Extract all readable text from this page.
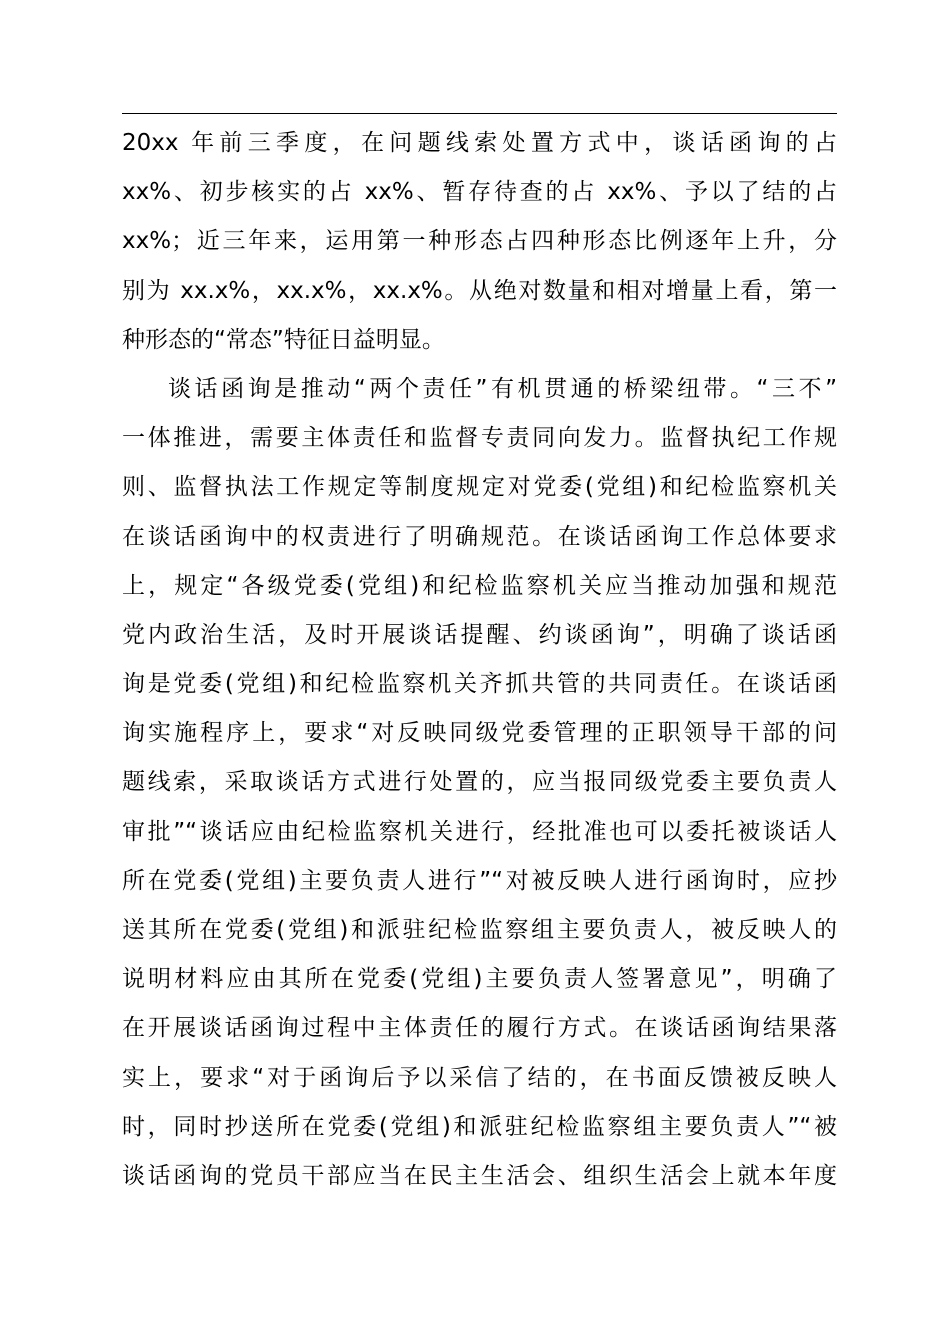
20xx 年前三季度，在问题线索处置方式中，谈话函询的占
xx%、初步核实的占 xx%、暂存待查的占 xx%、予以了结的占
xx%；近三年来，运用第一种形态占四种形态比例逐年上升，分
别为 xx.x%，xx.x%，xx.x%。从绝对数量和相对增量上看，第一
种形态的“常态”特征日益明显。
谈话函询是推动“两个责任”有机贯通的桥梁纽带。“三不”
一体推进，需要主体责任和监督专责同向发力。监督执纪工作规
则、监督执法工作规定等制度规定对党委(党组)和纪检监察机关
在谈话函询中的权责进行了明确规范。在谈话函询工作总体要求
上，规定“各级党委(党组)和纪检监察机关应当推动加强和规范
党内政治生活，及时开展谈话提醒、约谈函询”，明确了谈话函
询是党委(党组)和纪检监察机关齐抓共管的共同责任。在谈话函
询实施程序上，要求“对反映同级党委管理的正职领导干部的问
题线索，采取谈话方式进行处置的，应当报同级党委主要负责人
审批”“谈话应由纪检监察机关进行，经批准也可以委托被谈话人
所在党委(党组)主要负责人进行”“对被反映人进行函询时，应抄
送其所在党委(党组)和派驻纪检监察组主要负责人，被反映人的
说明材料应由其所在党委(党组)主要负责人签署意见”，明确了
在开展谈话函询过程中主体责任的履行方式。在谈话函询结果落
实上，要求“对于函询后予以采信了结的，在书面反馈被反映人
时，同时抄送所在党委(党组)和派驻纪检监察组主要负责人”“被
谈话函询的党员干部应当在民主生活会、组织生活会上就本年度
